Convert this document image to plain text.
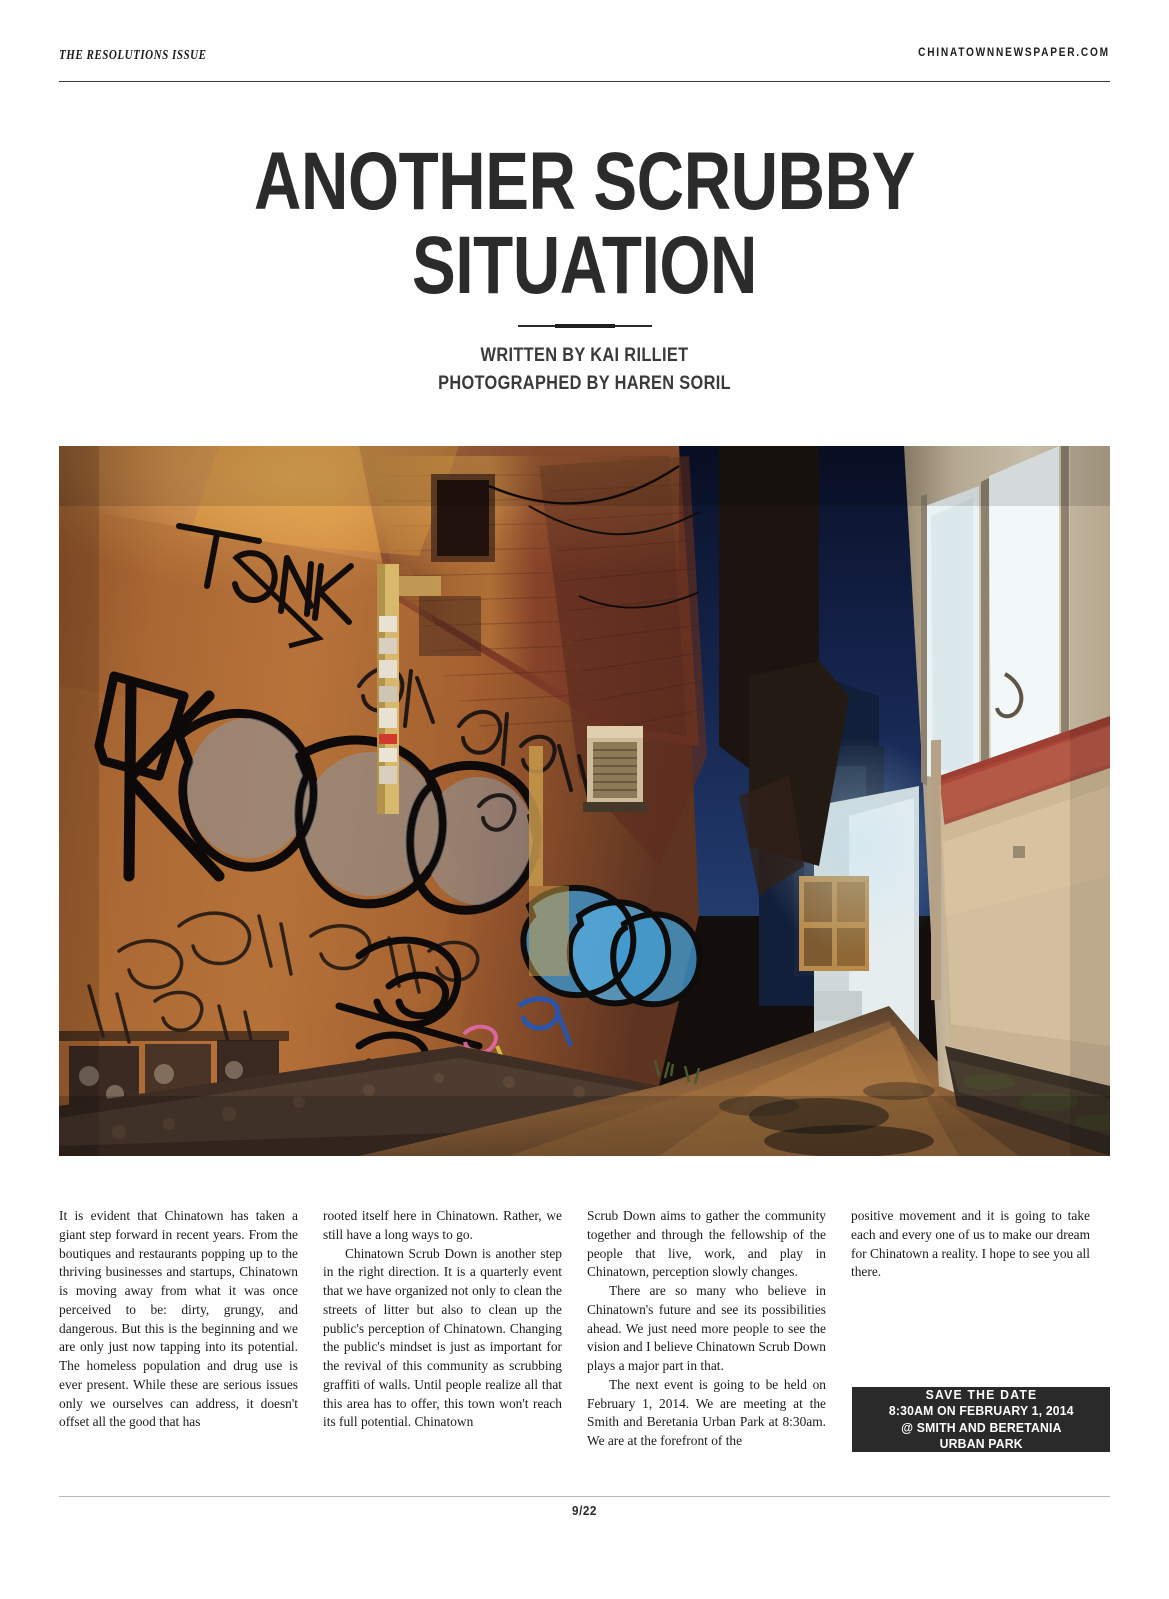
THE RESOLUTIONS ISSUE	CHINATOWNNEWSPAPER.COM
ANOTHER SCRUBBY
SITUATION
WRITTEN BY KAI RILLIET
PHOTOGRAPHED BY HAREN SORIL

It is evident that Chinatown has taken a giant step forward in recent years. From the boutiques and restaurants popping up to the thriving businesses and startups, Chinatown is moving away from what it was once perceived to be: dirty, grungy, and dangerous. But this is the beginning and we are only just now tapping into its potential. The homeless population and drug use is ever present. While these are serious issues only we ourselves can address, it doesn't offset all the good that has

rooted itself here in Chinatown. Rather, we still have a long ways to go.

Chinatown Scrub Down is another step in the right direction. It is a quarterly event that we have organized not only to clean the streets of litter but also to clean up the public's perception of Chinatown. Changing the public's mindset is just as important for the revival of this community as scrubbing graffiti of walls. Until people realize all that this area has to offer, this town won't reach its full potential. Chinatown

Scrub Down aims to gather the community together and through the fellowship of the people that live, work, and play in Chinatown, perception slowly changes.

There are so many who believe in Chinatown's future and see its possibilities ahead. We just need more people to see the vision and I believe Chinatown Scrub Down plays a major part in that.

The next event is going to be held on February 1, 2014. We are meeting at the Smith and Beretania Urban Park at 8:30am. We are at the forefront of the

positive movement and it is going to take each and every one of us to make our dream for Chinatown a reality. I hope to see you all there.

SAVE THE DATE
8:30AM ON FEBRUARY 1, 2014
@ SMITH AND BERETANIA
URBAN PARK
9/22
